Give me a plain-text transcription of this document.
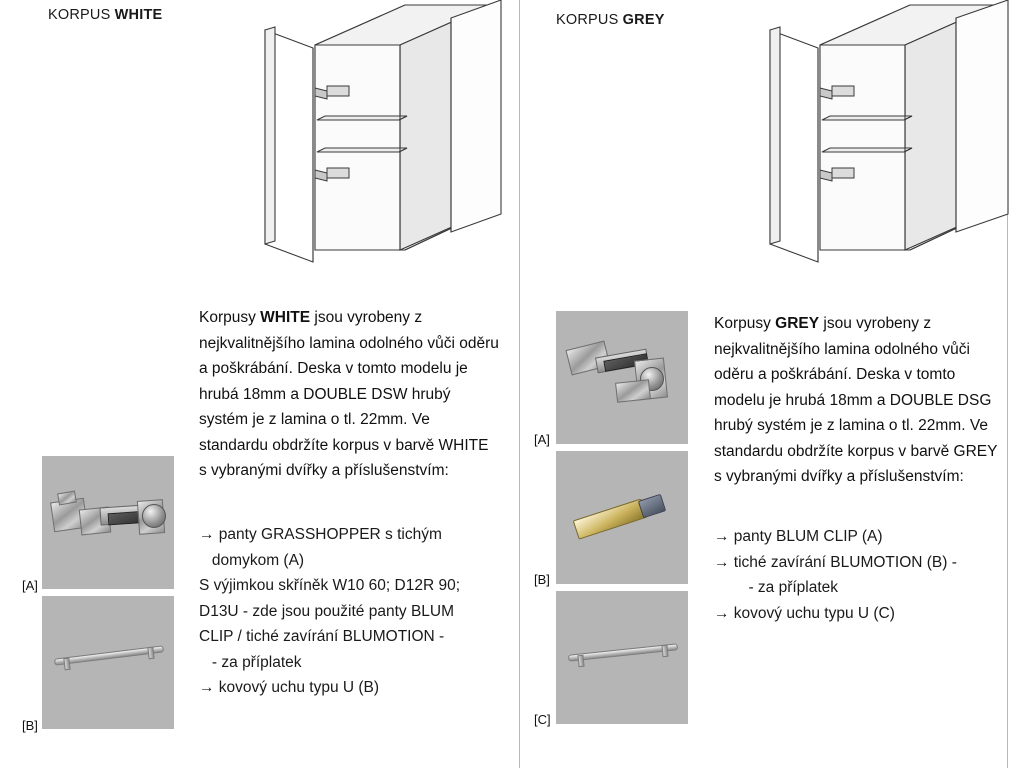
KORPUS WHITE
Korpusy WHITE jsou vyrobeny z nejkvalitnějšího lamina odolného vůči oděru a poškrábání. Deska v tomto modelu je hrubá 18mm a DOUBLE DSW hrubý systém je z lamina o tl. 22mm. Ve standardu obdržíte korpus v barvě WHITE s vybranými dvířky a příslušenstvím:
→ panty GRASSHOPPER s tichým
domykom (A)
S výjimkou skříněk W10 60; D12R 90;
D13U - zde jsou použité panty BLUM
CLIP / tiché zavírání BLUMOTION -
- za příplatek
→ kovový uchu typu U (B)
[A]
[B]
KORPUS GREY
Korpusy GREY jsou vyrobeny z nejkvalitnějšího lamina odolného vůči oděru a poškrábání. Deska v tomto modelu je hrubá 18mm a DOUBLE DSG hrubý systém je z lamina o tl. 22mm. Ve standardu obdržíte korpus v barvě GREY s vybranými dvířky a příslušenstvím:
→ panty BLUM CLIP (A)
→ tiché zavírání BLUMOTION (B) -
- za příplatek
→ kovový uchu typu U (C)
[A]
[B]
[C]
